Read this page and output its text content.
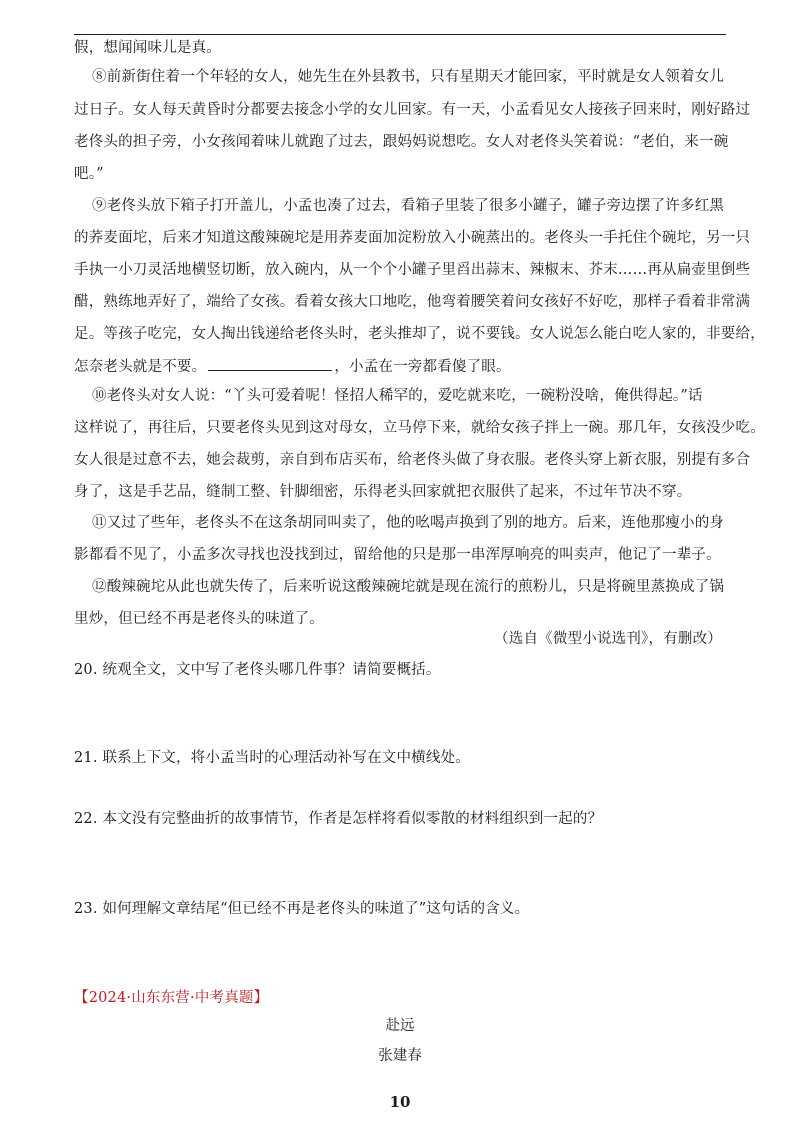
假，想闻闻味儿是真。
⑧前新街住着一个年轻的女人，她先生在外县教书，只有星期天才能回家，平时就是女人领着女儿
过日子。女人每天黄昏时分都要去接念小学的女儿回家。有一天，小孟看见女人接孩子回来时，刚好路过
老佟头的担子旁，小女孩闻着味儿就跑了过去，跟妈妈说想吃。女人对老佟头笑着说：“老伯，来一碗
吧。”
⑨老佟头放下箱子打开盖儿，小孟也凑了过去，看箱子里装了很多小罐子，罐子旁边摆了许多红黑
的荞麦面坨，后来才知道这酸辣碗坨是用荞麦面加淀粉放入小碗蒸出的。老佟头一手托住个碗坨，另一只
手执一小刀灵活地横竖切断，放入碗内，从一个个小罐子里舀出蒜末、辣椒末、芥末……再从扁壶里倒些
醋，熟练地弄好了，端给了女孩。看着女孩大口地吃，他弯着腰笑着问女孩好不好吃，那样子看着非常满
足。等孩子吃完，女人掏出钱递给老佟头时，老头推却了，说不要钱。女人说怎么能白吃人家的，非要给，
怎奈老头就是不要。	，小孟在一旁都看傻了眼。
⑩老佟头对女人说：“丫头可爱着呢！怪招人稀罕的，爱吃就来吃，一碗粉没啥，俺供得起。”话
这样说了，再往后，只要老佟头见到这对母女，立马停下来，就给女孩子拌上一碗。那几年，女孩没少吃。
女人很是过意不去，她会裁剪，亲自到布店买布，给老佟头做了身衣服。老佟头穿上新衣服，别提有多合
身了，这是手艺品，缝制工整、针脚细密，乐得老头回家就把衣服供了起来，不过年节决不穿。
⑪又过了些年，老佟头不在这条胡同叫卖了，他的吆喝声换到了别的地方。后来，连他那瘦小的身
影都看不见了，小孟多次寻找也没找到过，留给他的只是那一串浑厚响亮的叫卖声，他记了一辈子。
⑫酸辣碗坨从此也就失传了，后来听说这酸辣碗坨就是现在流行的煎粉儿，只是将碗里蒸换成了锅
里炒，但已经不再是老佟头的味道了。
（选自《微型小说选刊》，有删改）
20. 统观全文，文中写了老佟头哪几件事？请简要概括。
21. 联系上下文，将小孟当时的心理活动补写在文中横线处。
22. 本文没有完整曲折的故事情节，作者是怎样将看似零散的材料组织到一起的？
23. 如何理解文章结尾“但已经不再是老佟头的味道了”这句话的含义。
【2024·山东东营·中考真题】
赴远
张建春
10
